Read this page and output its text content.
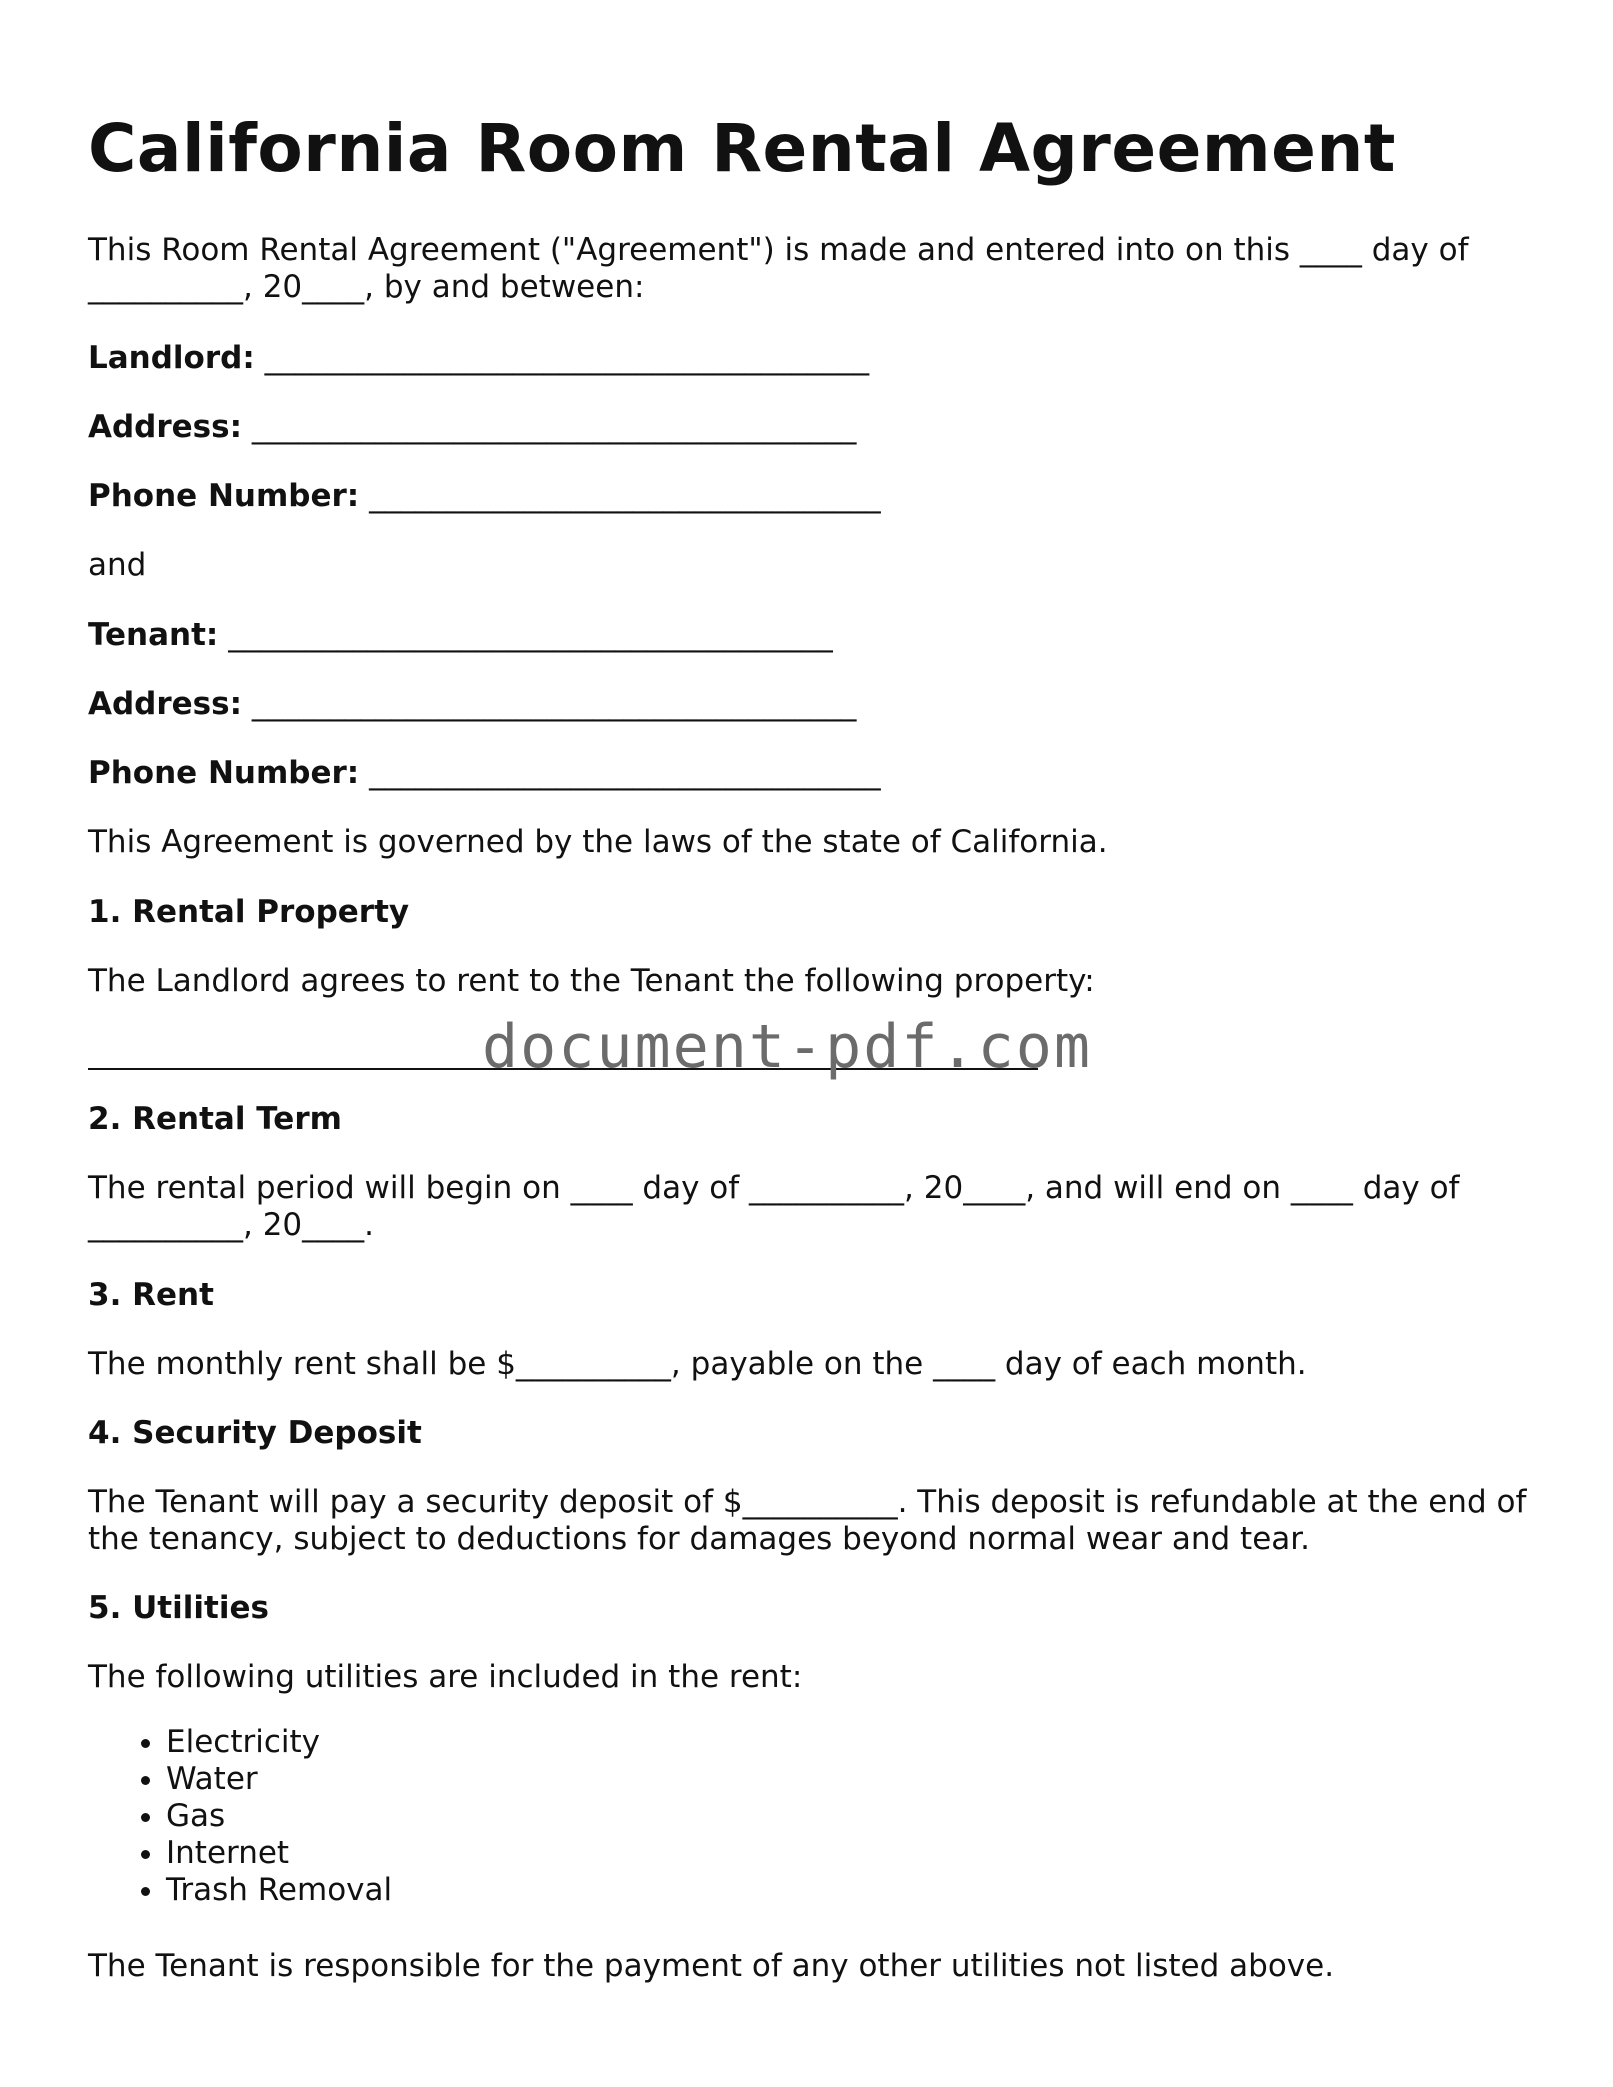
California Room Rental Agreement

This Room Rental Agreement ("Agreement") is made and entered into on this ____ day of __________, 20____, by and between:

Landlord: _______________________________________

Address: _______________________________________

Phone Number: _________________________________

and

Tenant: _______________________________________

Address: _______________________________________

Phone Number: _________________________________

This Agreement is governed by the laws of the state of California.

1. Rental Property

The Landlord agrees to rent to the Tenant the following property:

2. Rental Term

The rental period will begin on ____ day of __________, 20____, and will end on ____ day of __________, 20____.

3. Rent

The monthly rent shall be $__________, payable on the ____ day of each month.

4. Security Deposit

The Tenant will pay a security deposit of $__________. This deposit is refundable at the end of the tenancy, subject to deductions for damages beyond normal wear and tear.

5. Utilities

The following utilities are included in the rent:

• Electricity
• Water
• Gas
• Internet
• Trash Removal

The Tenant is responsible for the payment of any other utilities not listed above.

document-pdf.com
